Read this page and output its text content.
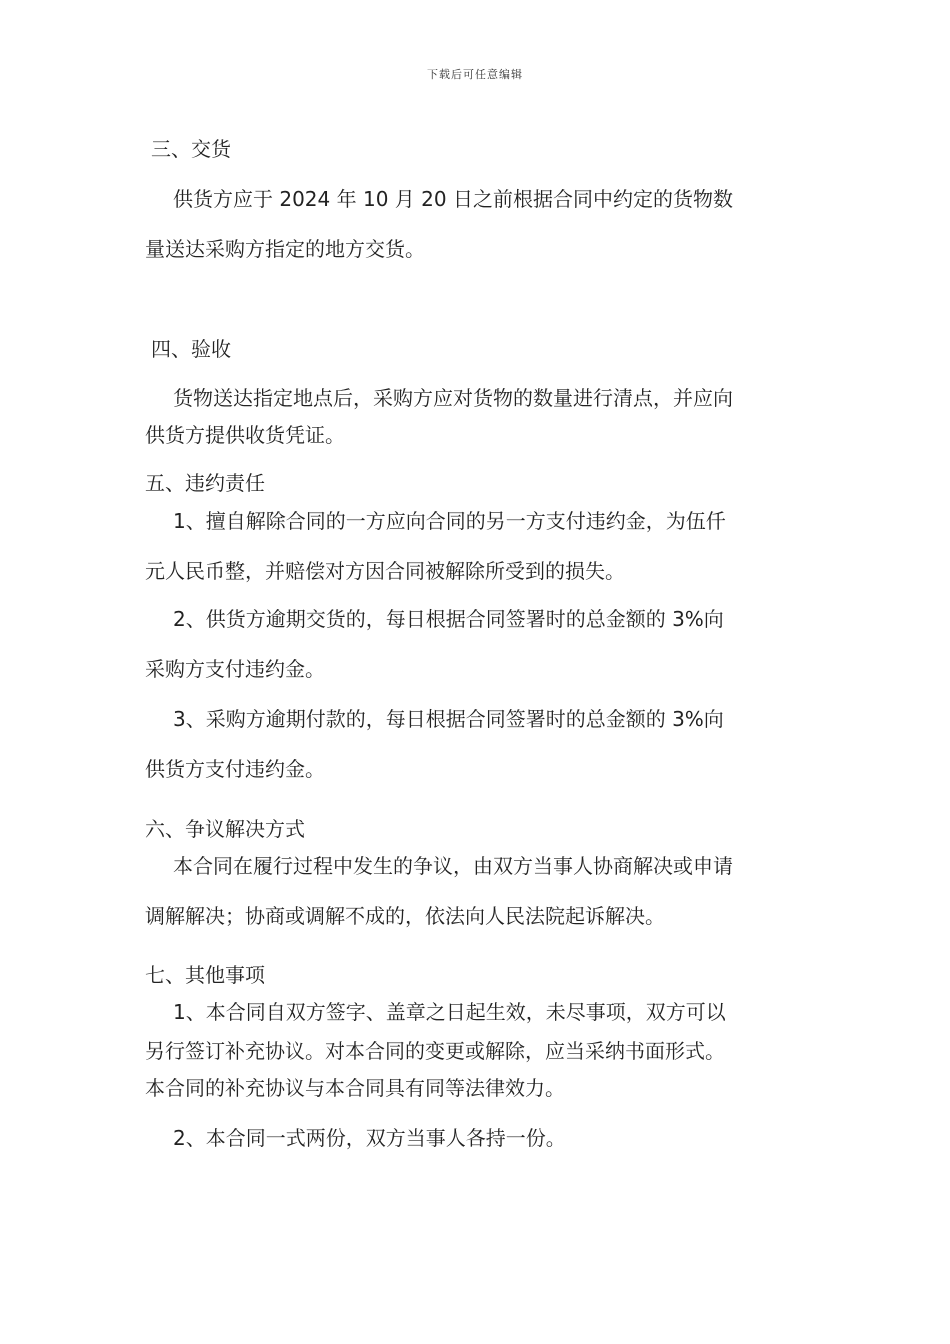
下载后可任意编辑
三、交货
供货方应于 2024 年 10 月 20 日之前根据合同中约定的货物数
量送达采购方指定的地方交货。
四、验收
货物送达指定地点后，采购方应对货物的数量进行清点，并应向
供货方提供收货凭证。
五、违约责任
1、擅自解除合同的一方应向合同的另一方支付违约金，为伍仟
元人民币整，并赔偿对方因合同被解除所受到的损失。
2、供货方逾期交货的，每日根据合同签署时的总金额的 3%向
采购方支付违约金。
3、采购方逾期付款的，每日根据合同签署时的总金额的 3%向
供货方支付违约金。
六、争议解决方式
本合同在履行过程中发生的争议，由双方当事人协商解决或申请
调解解决；协商或调解不成的，依法向人民法院起诉解决。
七、其他事项
1、本合同自双方签字、盖章之日起生效，未尽事项，双方可以
另行签订补充协议。对本合同的变更或解除，应当采纳书面形式。
本合同的补充协议与本合同具有同等法律效力。
2、本合同一式两份，双方当事人各持一份。
